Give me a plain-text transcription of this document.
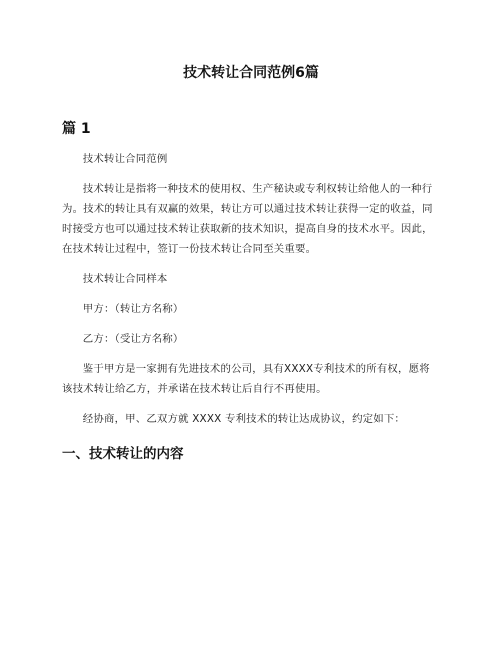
技术转让合同范例6篇
篇 1

技术转让合同范例

技术转让是指将一种技术的使用权、生产秘诀或专利权转让给他人的一种行为。技术的转让具有双赢的效果，转让方可以通过技术转让获得一定的收益，同时接受方也可以通过技术转让获取新的技术知识，提高自身的技术水平。因此，在技术转让过程中，签订一份技术转让合同至关重要。

技术转让合同样本

甲方：（转让方名称）

乙方：（受让方名称）

鉴于甲方是一家拥有先进技术的公司，具有XXXX专利技术的所有权，愿将该技术转让给乙方，并承诺在技术转让后自行不再使用。

经协商，甲、乙双方就 XXXX 专利技术的转让达成协议，约定如下：

一、技术转让的内容
